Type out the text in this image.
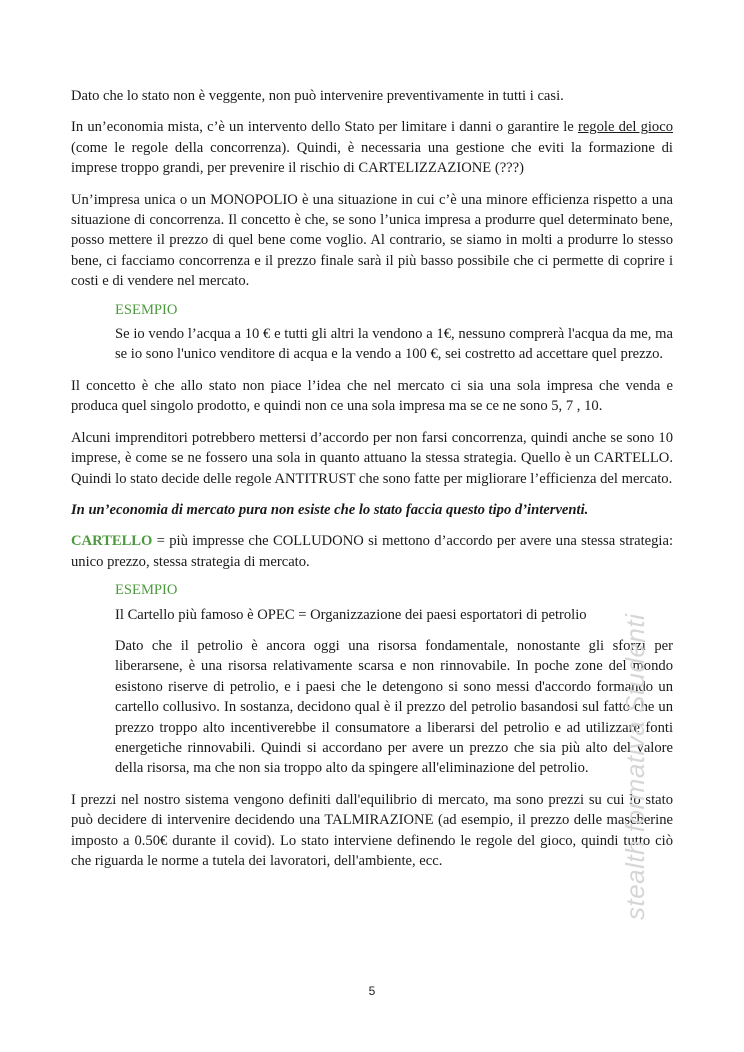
Dato che lo stato non è veggente, non può intervenire preventivamente in tutti i casi.

In un’economia mista, c’è un intervento dello Stato per limitare i danni o garantire le regole del gioco (come le regole della concorrenza). Quindi, è necessaria una gestione che eviti la formazione di imprese troppo grandi, per prevenire il rischio di CARTELIZZAZIONE (???)

Un’impresa unica o un MONOPOLIO è una situazione in cui c’è una minore efficienza rispetto a una situazione di concorrenza. Il concetto è che, se sono l’unica impresa a produrre quel determinato bene, posso mettere il prezzo di quel bene come voglio. Al contrario, se siamo in molti a produrre lo stesso bene, ci facciamo concorrenza e il prezzo finale sarà il più basso possibile che ci permette di coprire i costi e di vendere nel mercato.

ESEMPIO

Se io vendo l’acqua a 10 € e tutti gli altri la vendono a 1€, nessuno comprerà l'acqua da me, ma se io sono l'unico venditore di acqua e la vendo a 100 €, sei costretto ad accettare quel prezzo.

Il concetto è che allo stato non piace l’idea che nel mercato ci sia una sola impresa che venda e produca quel singolo prodotto, e quindi non ce una sola impresa ma se ce ne sono 5, 7 , 10.

Alcuni imprenditori potrebbero mettersi d’accordo per non farsi concorrenza, quindi anche se sono 10 imprese, è come se ne fossero una sola in quanto attuano la stessa strategia. Quello è un CARTELLO. Quindi lo stato decide delle regole ANTITRUST che sono fatte per migliorare l’efficienza del mercato.

In un’economia di mercato pura non esiste che lo stato faccia questo tipo d’interventi.

CARTELLO = più impresse che COLLUDONO si mettono d’accordo per avere una stessa strategia: unico prezzo, stessa strategia di mercato.

ESEMPIO

Il Cartello più famoso è OPEC = Organizzazione dei paesi esportatori di petrolio

Dato che il petrolio è ancora oggi una risorsa fondamentale, nonostante gli sforzi per liberarsene, è una risorsa relativamente scarsa e non rinnovabile. In poche zone del mondo esistono riserve di petrolio, e i paesi che le detengono si sono messi d'accordo formando un cartello collusivo. In sostanza, decidono qual è il prezzo del petrolio basandosi sul fatto che un prezzo troppo alto incentiverebbe il consumatore a liberarsi del petrolio e ad utilizzare fonti energetiche rinnovabili. Quindi si accordano per avere un prezzo che sia più alto del valore della risorsa, ma che non sia troppo alto da spingere all'eliminazione del petrolio.

I prezzi nel nostro sistema vengono definiti dall'equilibrio di mercato, ma sono prezzi su cui lo stato può decidere di intervenire decidendo una TALMIRAZIONE (ad esempio, il prezzo delle mascherine imposto a 0.50€ durante il covid). Lo stato interviene definendo le regole del gioco, quindi tutto ciò che riguarda le norme a tutela dei lavoratori, dell'ambiente, ecc.	stealth formativa Studenti
5
